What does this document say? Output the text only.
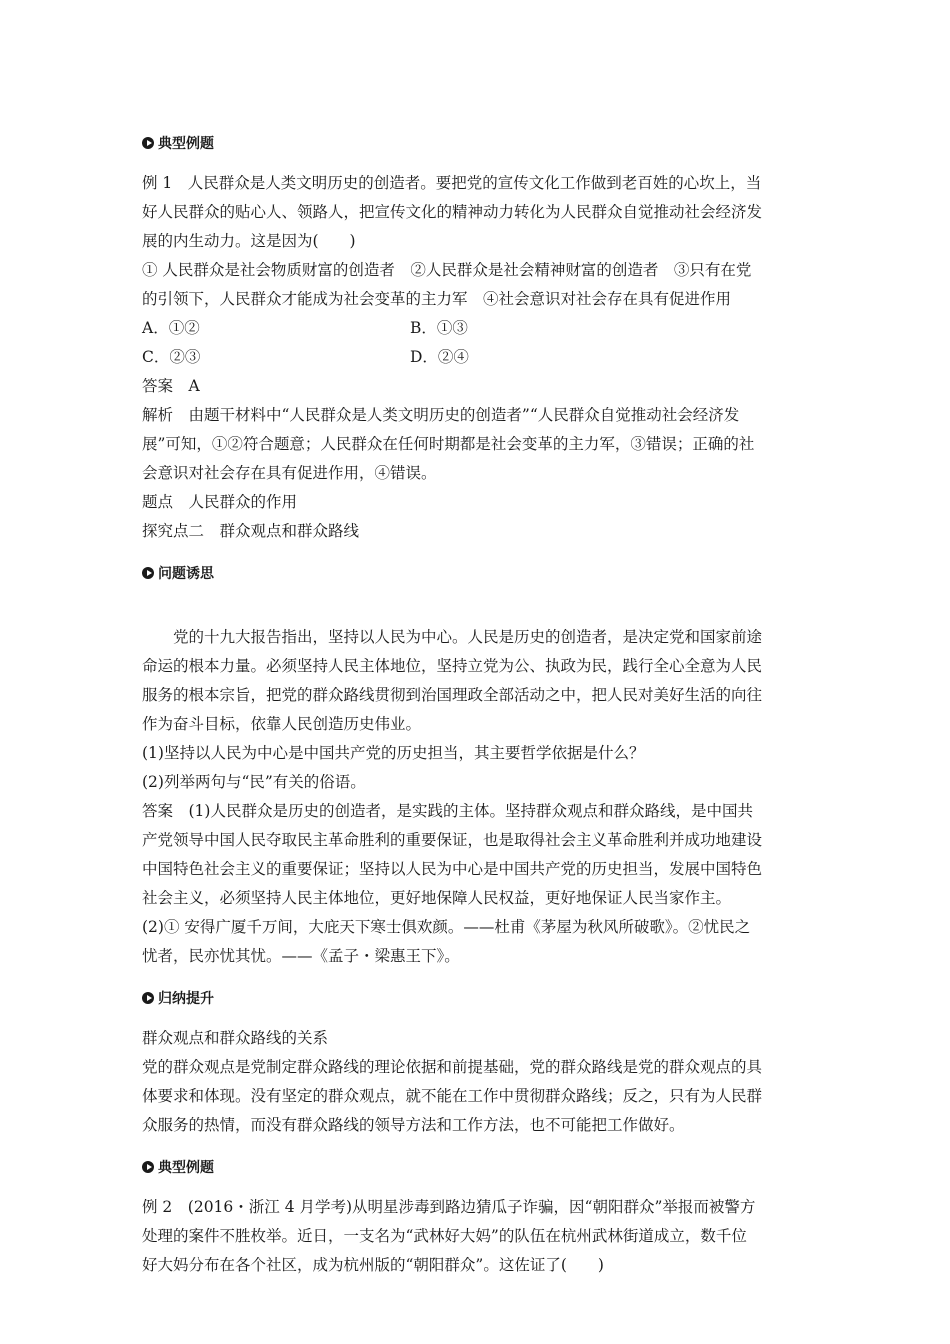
典型例题
例 1　人民群众是人类文明历史的创造者。要把党的宣传文化工作做到老百姓的心坎上，当
好人民群众的贴心人、领路人，把宣传文化的精神动力转化为人民群众自觉推动社会经济发
展的内生动力。这是因为(　　)
① 人民群众是社会物质财富的创造者　②人民群众是社会精神财富的创造者　③只有在党
的引领下，人民群众才能成为社会变革的主力军　④社会意识对社会存在具有促进作用
A．①②	B．①③
C．②③	D．②④
答案　A
解析　由题干材料中“人民群众是人类文明历史的创造者”“人民群众自觉推动社会经济发
展”可知，①②符合题意；人民群众在任何时期都是社会变革的主力军，③错误；正确的社
会意识对社会存在具有促进作用，④错误。
题点　人民群众的作用
探究点二　群众观点和群众路线
问题诱思
党的十九大报告指出，坚持以人民为中心。人民是历史的创造者，是决定党和国家前途
命运的根本力量。必须坚持人民主体地位，坚持立党为公、执政为民，践行全心全意为人民
服务的根本宗旨，把党的群众路线贯彻到治国理政全部活动之中，把人民对美好生活的向往
作为奋斗目标，依靠人民创造历史伟业。
(1)坚持以人民为中心是中国共产党的历史担当，其主要哲学依据是什么？
(2)列举两句与“民”有关的俗语。
答案　(1)人民群众是历史的创造者，是实践的主体。坚持群众观点和群众路线，是中国共
产党领导中国人民夺取民主革命胜利的重要保证，也是取得社会主义革命胜利并成功地建设
中国特色社会主义的重要保证；坚持以人民为中心是中国共产党的历史担当，发展中国特色
社会主义，必须坚持人民主体地位，更好地保障人民权益，更好地保证人民当家作主。
(2)① 安得广厦千万间，大庇天下寒士俱欢颜。——杜甫《茅屋为秋风所破歌》。②忧民之
忧者，民亦忧其忧。——《孟子・梁惠王下》。
归纳提升
群众观点和群众路线的关系
党的群众观点是党制定群众路线的理论依据和前提基础，党的群众路线是党的群众观点的具
体要求和体现。没有坚定的群众观点，就不能在工作中贯彻群众路线；反之，只有为人民群
众服务的热情，而没有群众路线的领导方法和工作方法，也不可能把工作做好。
典型例题
例 2　(2016・浙江 4 月学考)从明星涉毒到路边猜瓜子诈骗，因“朝阳群众”举报而被警方
处理的案件不胜枚举。近日，一支名为“武林好大妈”的队伍在杭州武林街道成立，数千位
好大妈分布在各个社区，成为杭州版的“朝阳群众”。这佐证了(　　)
